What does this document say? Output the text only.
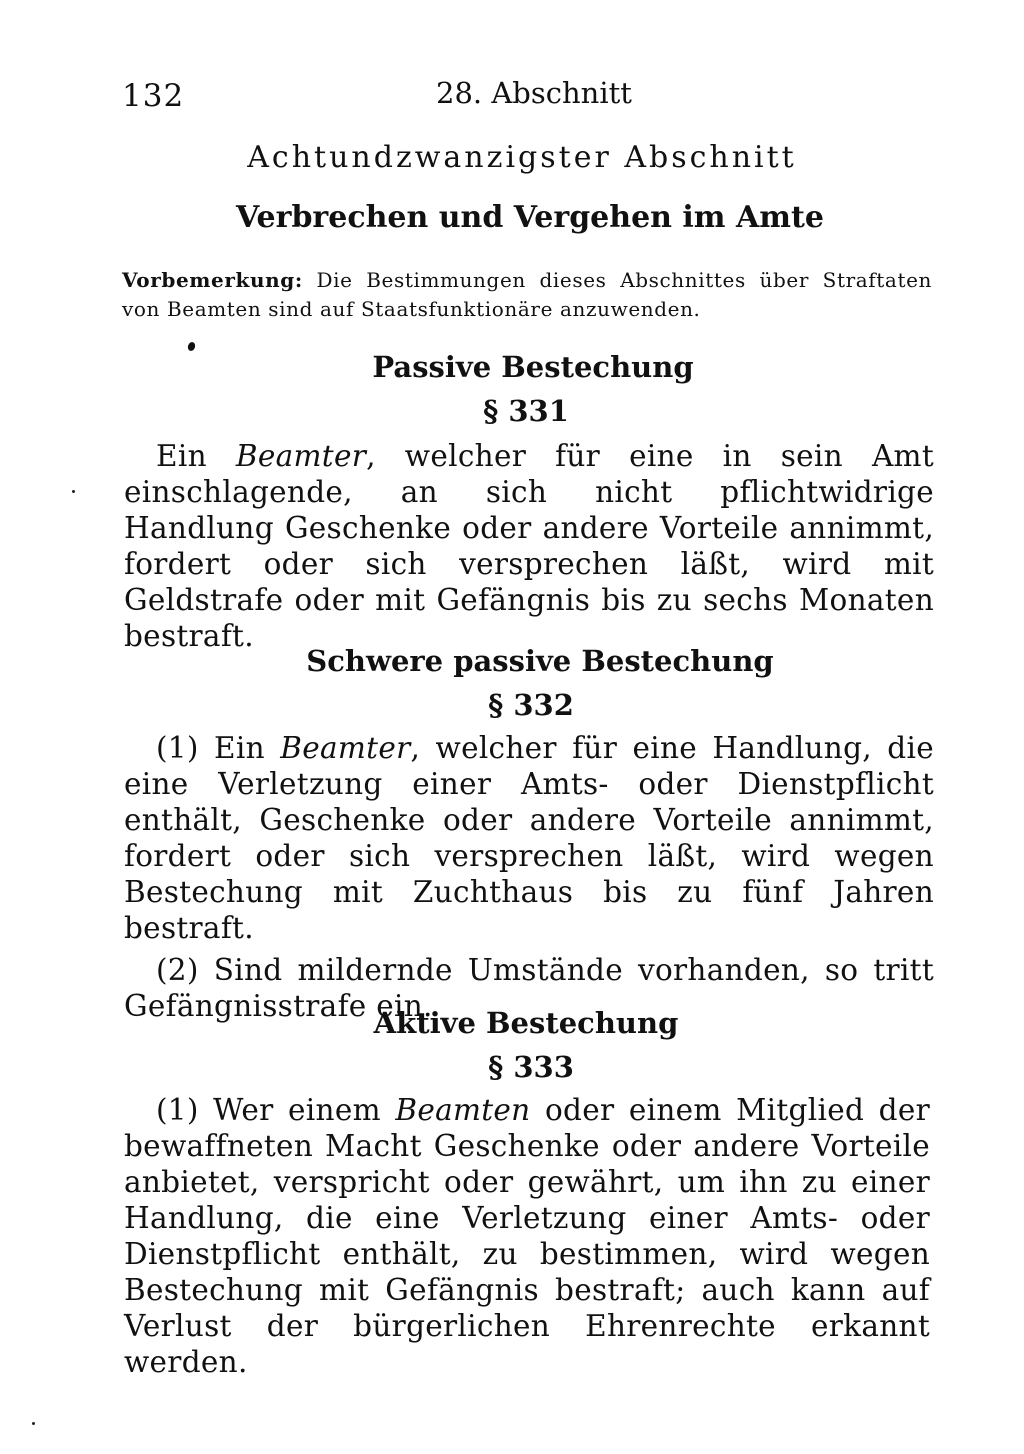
132	28. Abschnitt
Achtundzwanzigster Abschnitt
Verbrechen und Vergehen im Amte
Vorbemerkung: Die Bestimmungen dieses Abschnittes über Straftaten von Beamten sind auf Staatsfunktionäre anzuwenden.
Passive Bestechung
§ 331

Ein Beamter, welcher für eine in sein Amt einschlagende, an sich nicht pflichtwidrige Handlung Geschenke oder andere Vorteile annimmt, fordert oder sich versprechen läßt, wird mit Geldstrafe oder mit Gefängnis bis zu sechs Monaten bestraft.

Schwere passive Bestechung
§ 332

(1) Ein Beamter, welcher für eine Handlung, die eine Verletzung einer Amts- oder Dienstpflicht enthält, Geschenke oder andere Vorteile annimmt, fordert oder sich versprechen läßt, wird wegen Bestechung mit Zuchthaus bis zu fünf Jahren bestraft.

(2) Sind mildernde Umstände vorhanden, so tritt Gefängnisstrafe ein.

Aktive Bestechung
§ 333

(1) Wer einem Beamten oder einem Mitglied der bewaffneten Macht Geschenke oder andere Vorteile anbietet, verspricht oder gewährt, um ihn zu einer Handlung, die eine Verletzung einer Amts- oder Dienstpflicht enthält, zu bestimmen, wird wegen Bestechung mit Gefängnis bestraft; auch kann auf Verlust der bürgerlichen Ehrenrechte erkannt werden.
